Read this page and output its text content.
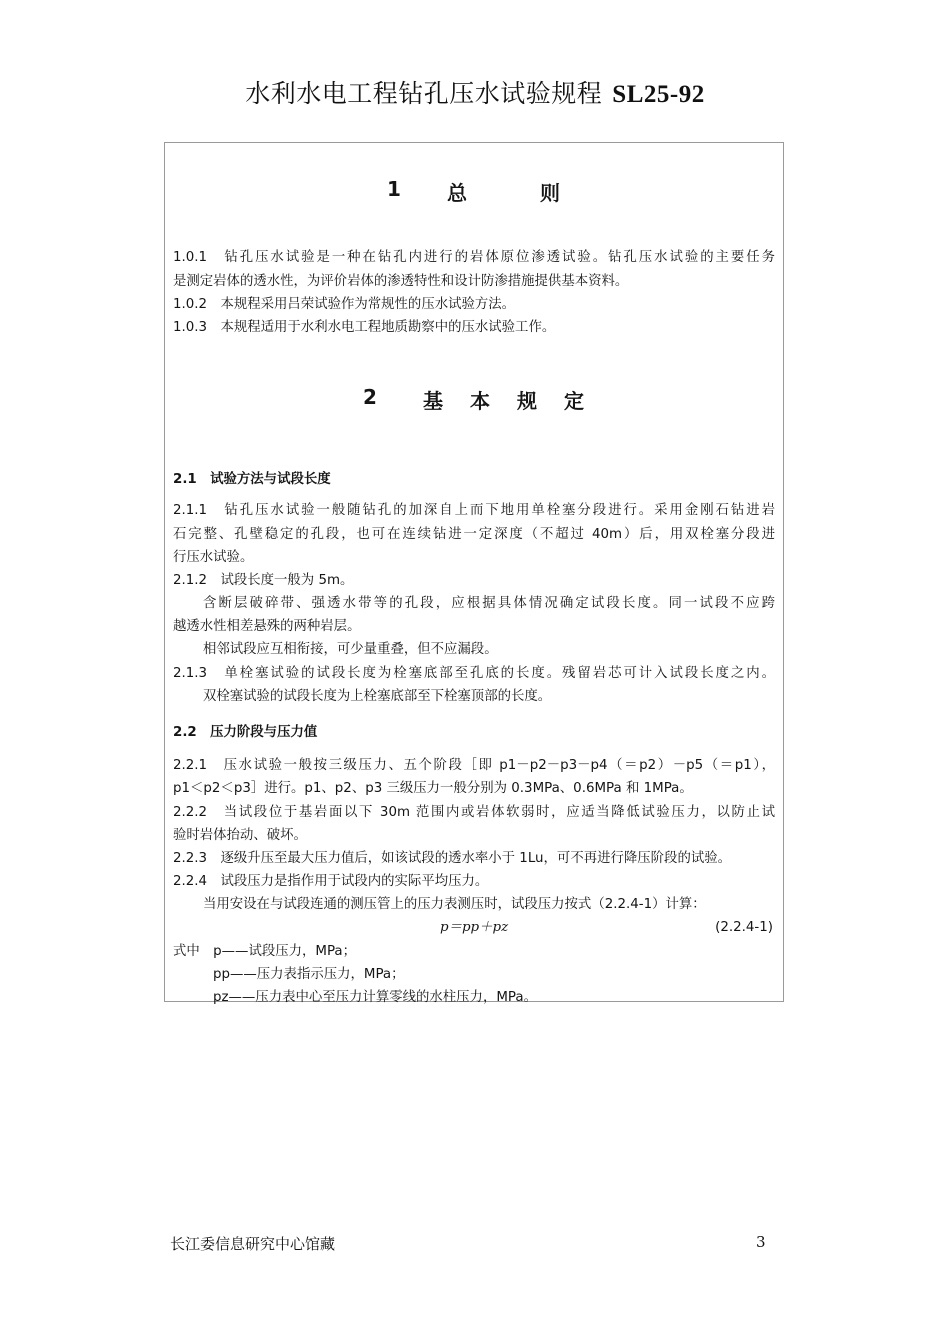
水利水电工程钻孔压水试验规程 SL25-92
1 总	则
1.0.1　钻孔压水试验是一种在钻孔内进行的岩体原位渗透试验。钻孔压水试验的主要任务
是测定岩体的透水性，为评价岩体的渗透特性和设计防渗措施提供基本资料。
1.0.2　本规程采用吕荣试验作为常规性的压水试验方法。
1.0.3　本规程适用于水利水电工程地质勘察中的压水试验工作。
2 基 本 规 定
2.1　试验方法与试段长度
2.1.1　钻孔压水试验一般随钻孔的加深自上而下地用单栓塞分段进行。采用金刚石钻进岩
石完整、孔壁稳定的孔段，也可在连续钻进一定深度（不超过 40m）后，用双栓塞分段进
行压水试验。
2.1.2　试段长度一般为 5m。
含断层破碎带、强透水带等的孔段，应根据具体情况确定试段长度。同一试段不应跨
越透水性相差悬殊的两种岩层。
相邻试段应互相衔接，可少量重叠，但不应漏段。
2.1.3　单栓塞试验的试段长度为栓塞底部至孔底的长度。残留岩芯可计入试段长度之内。
双栓塞试验的试段长度为上栓塞底部至下栓塞顶部的长度。
2.2　压力阶段与压力值
2.2.1　压水试验一般按三级压力、五个阶段［即 p1－p2－p3－p4（＝p2）－p5（＝p1），
p1＜p2＜p3］进行。p1、p2、p3 三级压力一般分别为 0.3MPa、0.6MPa 和 1MPa。
2.2.2　当试段位于基岩面以下 30m 范围内或岩体软弱时，应适当降低试验压力，以防止试
验时岩体抬动、破坏。
2.2.3　逐级升压至最大压力值后，如该试段的透水率小于 1Lu，可不再进行降压阶段的试验。
2.2.4　试段压力是指作用于试段内的实际平均压力。
当用安设在与试段连通的测压管上的压力表测压时，试段压力按式（2.2.4-1）计算：
p＝pp＋pz	(2.2.4-1)
式中　p——试段压力，MPa；
pp——压力表指示压力，MPa；
pz——压力表中心至压力计算零线的水柱压力，MPa。
长江委信息研究中心馆藏	3
